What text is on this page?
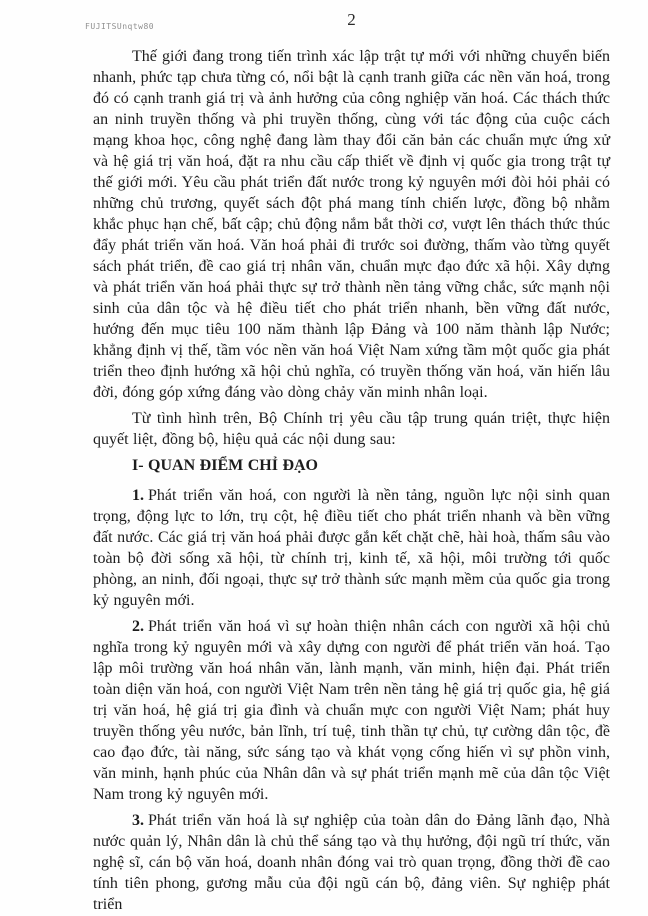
FUJITSUnqtw80	2

Thế giới đang trong tiến trình xác lập trật tự mới với những chuyển biến nhanh, phức tạp chưa từng có, nổi bật là cạnh tranh giữa các nền văn hoá, trong đó có cạnh tranh giá trị và ảnh hưởng của công nghiệp văn hoá. Các thách thức an ninh truyền thống và phi truyền thống, cùng với tác động của cuộc cách mạng khoa học, công nghệ đang làm thay đổi căn bản các chuẩn mực ứng xử và hệ giá trị văn hoá, đặt ra nhu cầu cấp thiết về định vị quốc gia trong trật tự thế giới mới. Yêu cầu phát triển đất nước trong kỷ nguyên mới đòi hỏi phải có những chủ trương, quyết sách đột phá mang tính chiến lược, đồng bộ nhằm khắc phục hạn chế, bất cập; chủ động nắm bắt thời cơ, vượt lên thách thức thúc đẩy phát triển văn hoá. Văn hoá phải đi trước soi đường, thấm vào từng quyết sách phát triển, đề cao giá trị nhân văn, chuẩn mực đạo đức xã hội. Xây dựng và phát triển văn hoá phải thực sự trở thành nền tảng vững chắc, sức mạnh nội sinh của dân tộc và hệ điều tiết cho phát triển nhanh, bền vững đất nước, hướng đến mục tiêu 100 năm thành lập Đảng và 100 năm thành lập Nước; khẳng định vị thế, tầm vóc nền văn hoá Việt Nam xứng tầm một quốc gia phát triển theo định hướng xã hội chủ nghĩa, có truyền thống văn hoá, văn hiến lâu đời, đóng góp xứng đáng vào dòng chảy văn minh nhân loại.

Từ tình hình trên, Bộ Chính trị yêu cầu tập trung quán triệt, thực hiện quyết liệt, đồng bộ, hiệu quả các nội dung sau:

I- QUAN ĐIỂM CHỈ ĐẠO

1. Phát triển văn hoá, con người là nền tảng, nguồn lực nội sinh quan trọng, động lực to lớn, trụ cột, hệ điều tiết cho phát triển nhanh và bền vững đất nước. Các giá trị văn hoá phải được gắn kết chặt chẽ, hài hoà, thấm sâu vào toàn bộ đời sống xã hội, từ chính trị, kinh tế, xã hội, môi trường tới quốc phòng, an ninh, đối ngoại, thực sự trở thành sức mạnh mềm của quốc gia trong kỷ nguyên mới.

2. Phát triển văn hoá vì sự hoàn thiện nhân cách con người xã hội chủ nghĩa trong kỷ nguyên mới và xây dựng con người để phát triển văn hoá. Tạo lập môi trường văn hoá nhân văn, lành mạnh, văn minh, hiện đại. Phát triển toàn diện văn hoá, con người Việt Nam trên nền tảng hệ giá trị quốc gia, hệ giá trị văn hoá, hệ giá trị gia đình và chuẩn mực con người Việt Nam; phát huy truyền thống yêu nước, bản lĩnh, trí tuệ, tinh thần tự chủ, tự cường dân tộc, đề cao đạo đức, tài năng, sức sáng tạo và khát vọng cống hiến vì sự phồn vinh, văn minh, hạnh phúc của Nhân dân và sự phát triển mạnh mẽ của dân tộc Việt Nam trong kỷ nguyên mới.

3. Phát triển văn hoá là sự nghiệp của toàn dân do Đảng lãnh đạo, Nhà nước quản lý, Nhân dân là chủ thể sáng tạo và thụ hưởng, đội ngũ trí thức, văn nghệ sĩ, cán bộ văn hoá, doanh nhân đóng vai trò quan trọng, đồng thời đề cao tính tiên phong, gương mẫu của đội ngũ cán bộ, đảng viên. Sự nghiệp phát triển
